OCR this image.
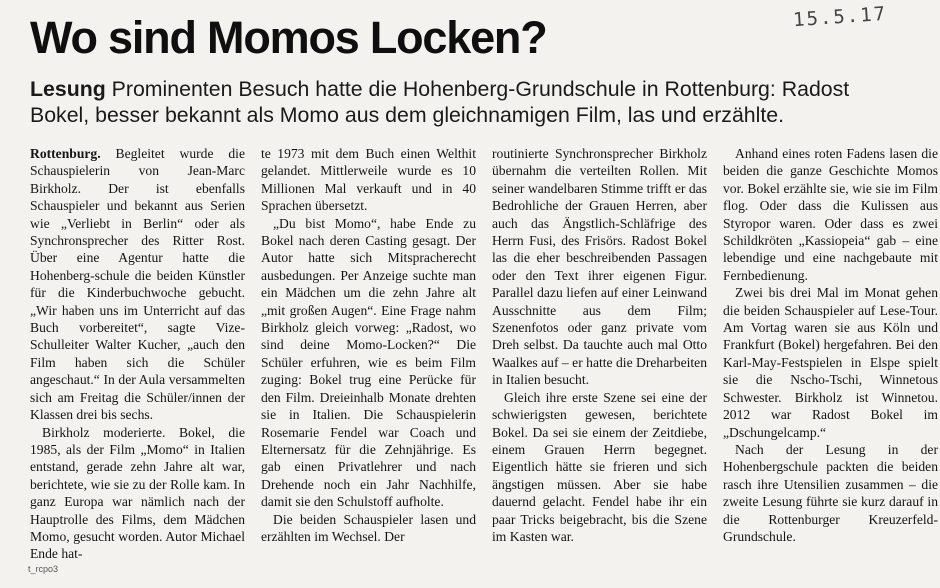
Wo sind Momos Locken?	15.5.17

Lesung Prominenten Besuch hatte die Hohenberg-Grundschule in Rottenburg: Radost Bokel, besser bekannt als Momo aus dem gleichnamigen Film, las und erzählte.

Rottenburg. Begleitet wurde die Schauspielerin von Jean-Marc Birkholz. Der ist ebenfalls Schauspieler und bekannt aus Serien wie „Verliebt in Berlin“ oder als Synchronsprecher des Ritter Rost. Über eine Agentur hatte die Hohenberg-schule die beiden Künstler für die Kinderbuchwoche gebucht. „Wir haben uns im Unterricht auf das Buch vorbereitet“, sagte Vize- Schulleiter Walter Kucher, „auch den Film haben sich die Schüler angeschaut.“ In der Aula versammelten sich am Freitag die Schüler/innen der Klassen drei bis sechs.

Birkholz moderierte. Bokel, die 1985, als der Film „Momo“ in Italien entstand, gerade zehn Jahre alt war, berichtete, wie sie zu der Rolle kam. In ganz Europa war nämlich nach der Hauptrolle des Films, dem Mädchen Momo, gesucht worden. Autor Michael Ende hat-

te 1973 mit dem Buch einen Welthit gelandet. Mittlerweile wurde es 10 Millionen Mal verkauft und in 40 Sprachen übersetzt.

„Du bist Momo“, habe Ende zu Bokel nach deren Casting gesagt. Der Autor hatte sich Mitspracherecht ausbedungen. Per Anzeige suchte man ein Mädchen um die zehn Jahre alt „mit großen Augen“. Eine Frage nahm Birkholz gleich vorweg: „Radost, wo sind deine Momo-Locken?“ Die Schüler erfuhren, wie es beim Film zuging: Bokel trug eine Perücke für den Film. Dreieinhalb Monate drehten sie in Italien. Die Schauspielerin Rosemarie Fendel war Coach und Elternersatz für die Zehnjährige. Es gab einen Privatlehrer und nach Drehende noch ein Jahr Nachhilfe, damit sie den Schulstoff aufholte.

Die beiden Schauspieler lasen und erzählten im Wechsel. Der

routinierte Synchronsprecher Birkholz übernahm die verteilten Rollen. Mit seiner wandelbaren Stimme trifft er das Bedrohliche der Grauen Herren, aber auch das Ängstlich-Schläfrige des Herrn Fusi, des Frisörs. Radost Bokel las die eher beschreibenden Passagen oder den Text ihrer eigenen Figur. Parallel dazu liefen auf einer Leinwand Ausschnitte aus dem Film; Szenenfotos oder ganz private vom Dreh selbst. Da tauchte auch mal Otto Waalkes auf – er hatte die Dreharbeiten in Italien besucht.

Gleich ihre erste Szene sei eine der schwierigsten gewesen, berichtete Bokel. Da sei sie einem der Zeitdiebe, einem Grauen Herrn begegnet. Eigentlich hätte sie frieren und sich ängstigen müssen. Aber sie habe dauernd gelacht. Fendel habe ihr ein paar Tricks beigebracht, bis die Szene im Kasten war.

Anhand eines roten Fadens lasen die beiden die ganze Geschichte Momos vor. Bokel erzählte sie, wie sie im Film flog. Oder dass die Kulissen aus Styropor waren. Oder dass es zwei Schildkröten „Kassiopeia“ gab – eine lebendige und eine nachgebaute mit Fernbedienung.

Zwei bis drei Mal im Monat gehen die beiden Schauspieler auf Lese-Tour. Am Vortag waren sie aus Köln und Frankfurt (Bokel) hergefahren. Bei den Karl-May-Festspielen in Elspe spielt sie die Nscho-Tschi, Winnetous Schwester. Birkholz ist Winnetou. 2012 war Radost Bokel im „Dschungelcamp.“

Nach der Lesung in der Hohenbergschule packten die beiden rasch ihre Utensilien zusammen – die zweite Lesung führte sie kurz darauf in die Rottenburger Kreuzerfeld-Grundschule.

t_rcpo3
